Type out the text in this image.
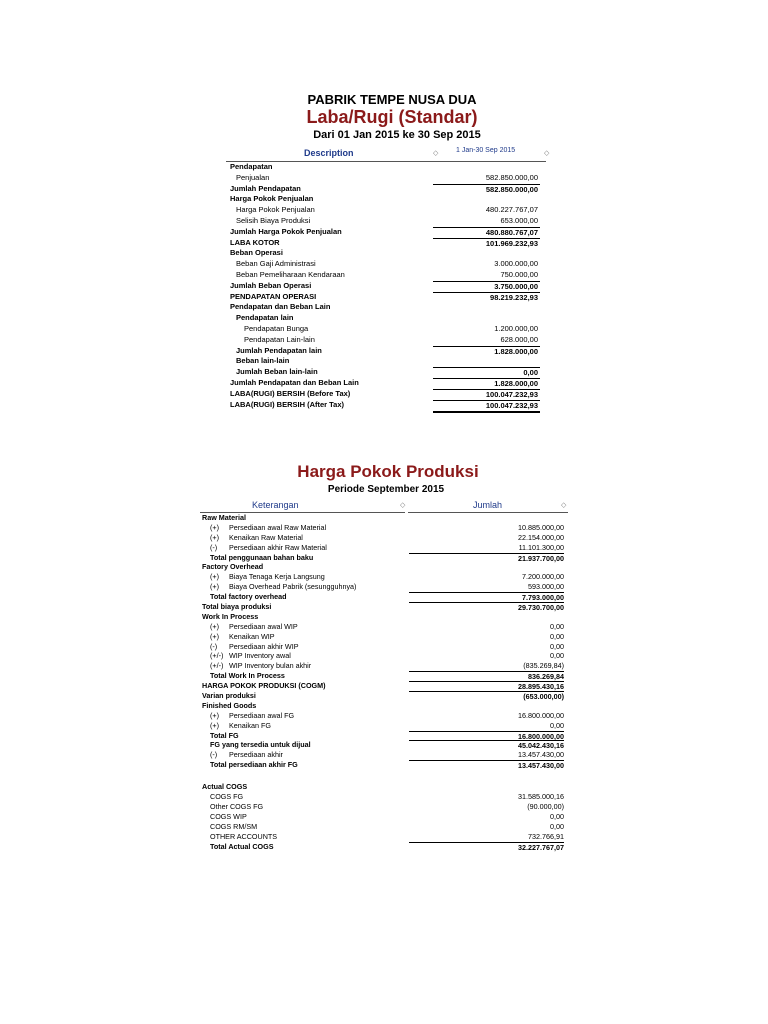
PABRIK TEMPE NUSA DUA
Laba/Rugi (Standar)
Dari 01 Jan 2015 ke 30 Sep 2015
Description	◇	1 Jan-30 Sep 2015	◇
Pendapatan
Penjualan	582.850.000,00
Jumlah Pendapatan	582.850.000,00
Harga Pokok Penjualan
Harga Pokok Penjualan	480.227.767,07
Selisih Biaya Produksi	653.000,00
Jumlah Harga Pokok Penjualan	480.880.767,07
LABA KOTOR	101.969.232,93
Beban Operasi
Beban Gaji Administrasi	3.000.000,00
Beban Pemeliharaan Kendaraan	750.000,00
Jumlah Beban Operasi	3.750.000,00
PENDAPATAN OPERASI	98.219.232,93
Pendapatan dan Beban Lain
Pendapatan lain
Pendapatan Bunga	1.200.000,00
Pendapatan Lain-lain	628.000,00
Jumlah Pendapatan lain	1.828.000,00
Beban lain-lain
Jumlah Beban lain-lain	0,00
Jumlah Pendapatan dan Beban Lain	1.828.000,00
LABA(RUGI) BERSIH (Before Tax)	100.047.232,93
LABA(RUGI) BERSIH (After Tax)	100.047.232,93
Harga Pokok Produksi
Periode September 2015
Keterangan	◇	Jumlah	◇
Raw Material
(+) Persediaan awal Raw Material	10.885.000,00
(+) Kenaikan Raw Material	22.154.000,00
(-) Persediaan akhir Raw Material	11.101.300,00
Total penggunaan bahan baku	21.937.700,00
Factory Overhead
(+) Biaya Tenaga Kerja Langsung	7.200.000,00
(+) Biaya Overhead Pabrik (sesungguhnya)	593.000,00
Total factory overhead	7.793.000,00
Total biaya produksi	29.730.700,00
Work In Process
(+) Persediaan awal WIP	0,00
(+) Kenaikan WIP	0,00
(-) Persediaan akhir WIP	0,00
(+/-) WIP Inventory awal	0,00
(+/-) WIP Inventory bulan akhir	(835.269,84)
Total Work In Process	836.269,84
HARGA POKOK PRODUKSI (COGM)	28.895.430,16
Varian produksi	(653.000,00)
Finished Goods
(+) Persediaan awal FG	16.800.000,00
(+) Kenaikan FG	0,00
Total FG	16.800.000,00
FG yang tersedia untuk dijual	45.042.430,16
(-) Persediaan akhir	13.457.430,00
Total persediaan akhir FG	13.457.430,00
Actual COGS
COGS FG	31.585.000,16
Other COGS FG	(90.000,00)
COGS WIP	0,00
COGS RM/SM	0,00
OTHER ACCOUNTS	732.766,91
Total Actual COGS	32.227.767,07
